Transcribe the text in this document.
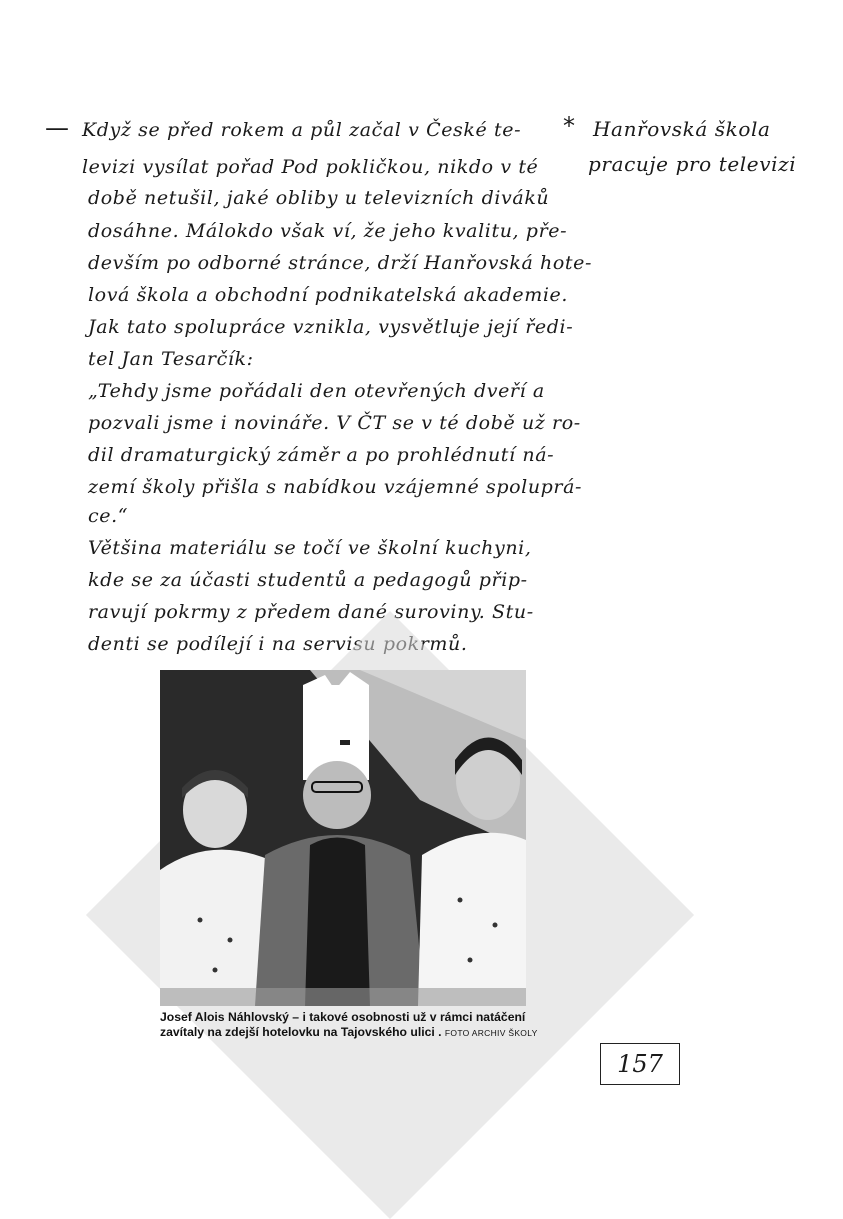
* Hanřovská škola
pracuje pro televizi
— Když se před rokem a půl začal v České te-
levizi vysílat pořad Pod pokličkou, nikdo v té
době netušil, jaké obliby u televizních diváků
dosáhne. Málokdo však ví, že jeho kvalitu, pře-
devším po odborné stránce, drží Hanřovská hote-
lová škola a obchodní podnikatelská akademie.
Jak tato spolupráce vznikla, vysvětluje její ředi-
tel Jan Tesarčík:
„Tehdy jsme pořádali den otevřených dveří a
pozvali jsme i novináře. V ČT se v té době už ro-
dil dramaturgický záměr a po prohlédnutí ná-
zemí školy přišla s nabídkou vzájemné spoluprá-
ce.“
Většina materiálu se točí ve školní kuchyni,
kde se za účasti studentů a pedagogů přip-
ravují pokrmy z předem dané suroviny. Stu-
denti se podílejí i na servisu pokrmů.
Josef Alois Náhlovský – i takové osobnosti už v rámci natáčení
zavítaly na zdejší hotelovku na Tajovského ulici . FOTO ARCHIV ŠKOLY
157
